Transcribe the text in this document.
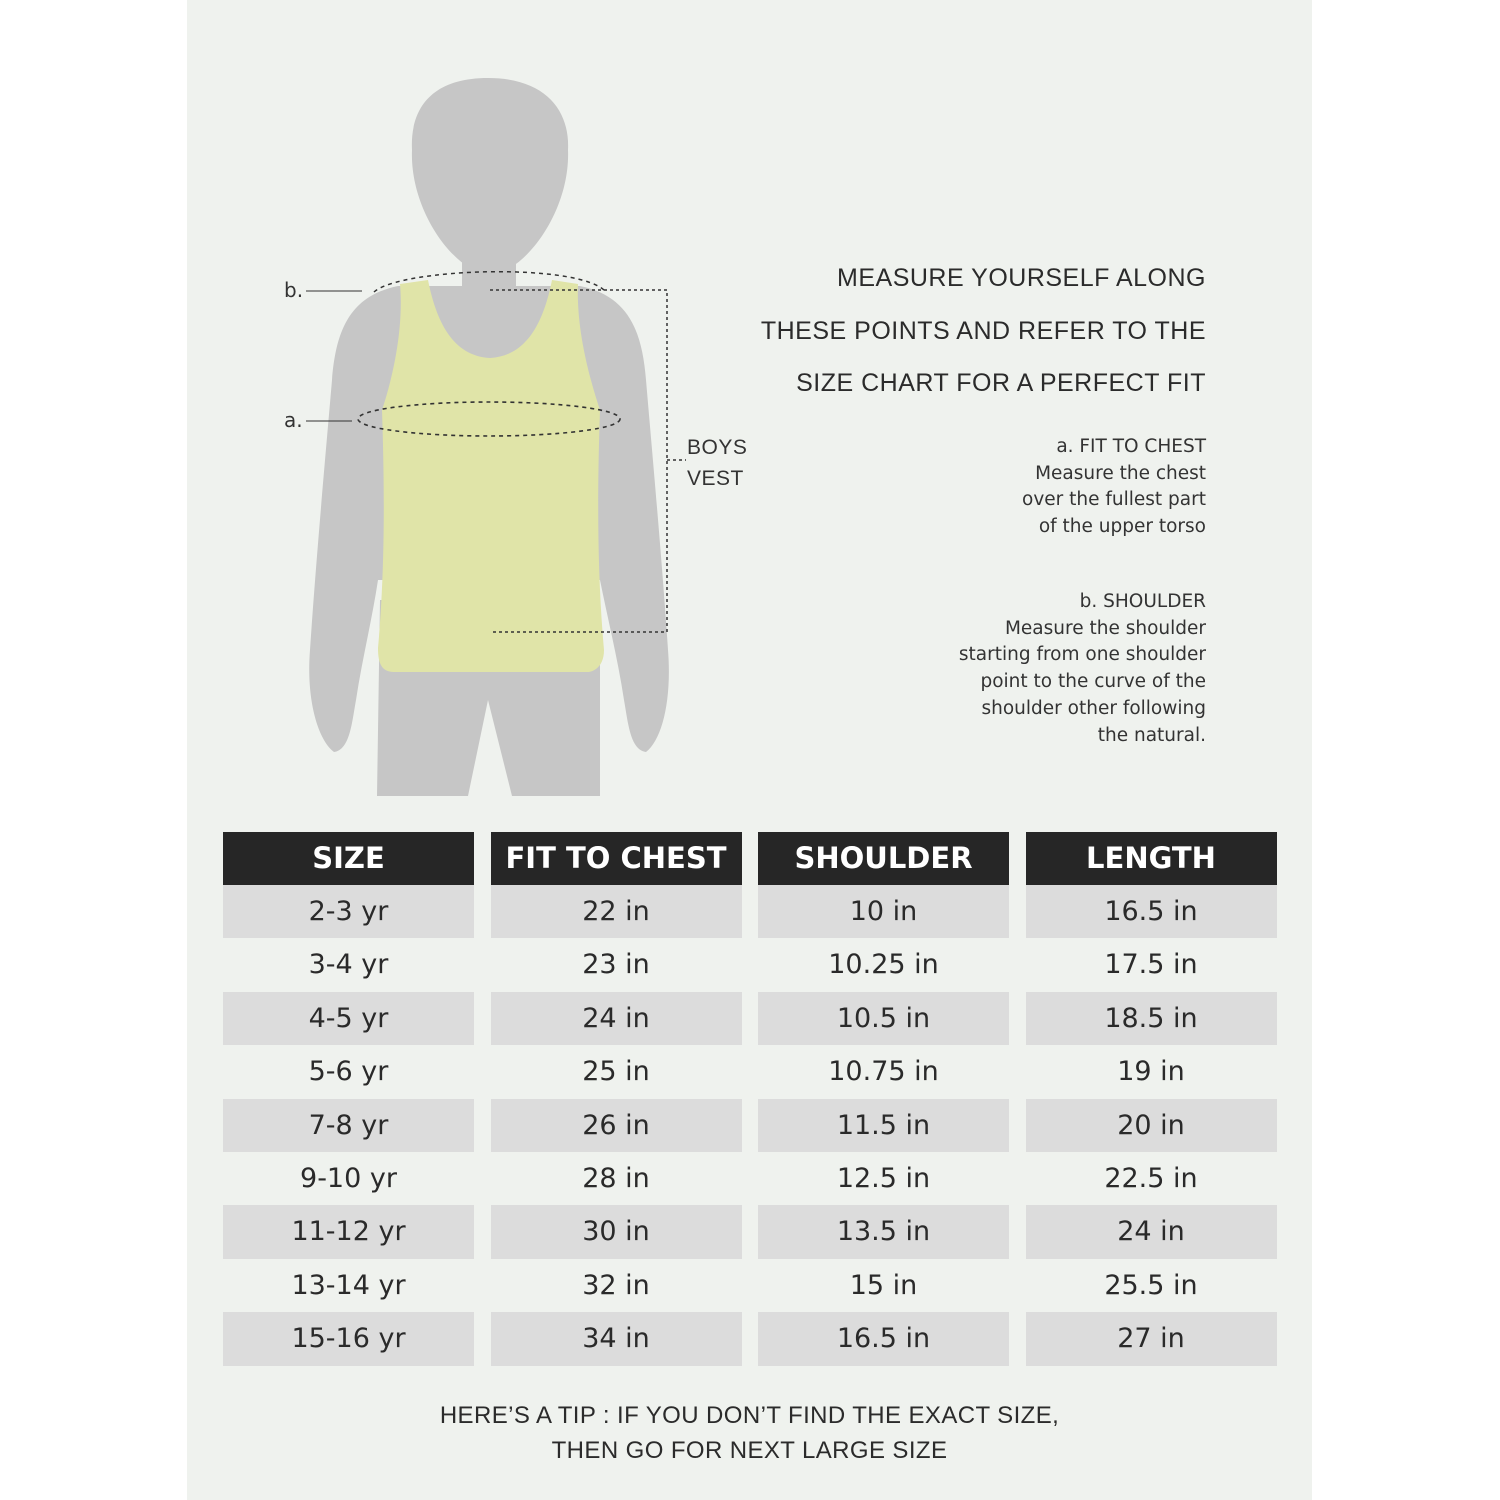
b.
a.
BOYS
VEST
MEASURE YOURSELF ALONG
THESE POINTS AND REFER TO THE
SIZE CHART FOR A PERFECT FIT
a. FIT TO CHEST
Measure the chest
over the fullest part
of the upper torso
b. SHOULDER
Measure the shoulder
starting from one shoulder
point to the curve of the
shoulder other following
the natural.
SIZE
2-3 yr
3-4 yr
4-5 yr
5-6 yr
7-8 yr
9-10 yr
11-12 yr
13-14 yr
15-16 yr
FIT TO CHEST
22 in
23 in
24 in
25 in
26 in
28 in
30 in
32 in
34 in
SHOULDER
10 in
10.25 in
10.5 in
10.75 in
11.5 in
12.5 in
13.5 in
15 in
16.5 in
LENGTH
16.5 in
17.5 in
18.5 in
19 in
20 in
22.5 in
24 in
25.5 in
27 in
HERE’S A TIP : IF YOU DON’T FIND THE EXACT SIZE,
THEN GO FOR NEXT LARGE SIZE
